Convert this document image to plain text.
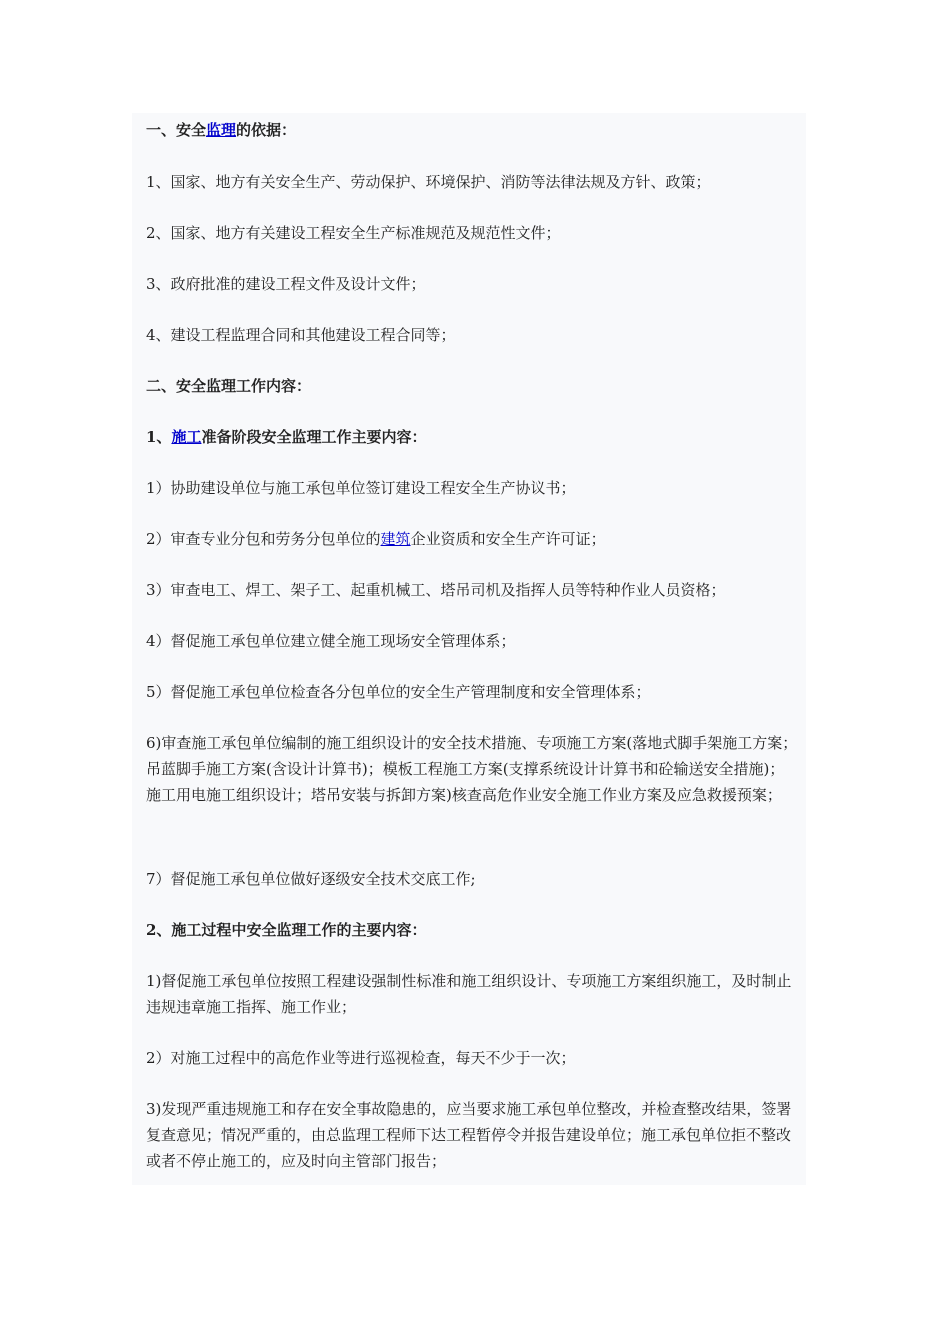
一、安全监理的依据：

1、国家、地方有关安全生产、劳动保护、环境保护、消防等法律法规及方针、政策；

2、国家、地方有关建设工程安全生产标准规范及规范性文件；

3、政府批准的建设工程文件及设计文件；

4、建设工程监理合同和其他建设工程合同等；

二、安全监理工作内容：

1、施工准备阶段安全监理工作主要内容：

1）协助建设单位与施工承包单位签订建设工程安全生产协议书；

2）审查专业分包和劳务分包单位的建筑企业资质和安全生产许可证；

3）审查电工、焊工、架子工、起重机械工、塔吊司机及指挥人员等特种作业人员资格；

4）督促施工承包单位建立健全施工现场安全管理体系；

5）督促施工承包单位检查各分包单位的安全生产管理制度和安全管理体系；

6)审查施工承包单位编制的施工组织设计的安全技术措施、专项施工方案(落地式脚手架施工方案；吊蓝脚手施工方案(含设计计算书)；模板工程施工方案(支撑系统设计计算书和砼输送安全措施)；施工用电施工组织设计；塔吊安装与拆卸方案)核查高危作业安全施工作业方案及应急救援预案；

7）督促施工承包单位做好逐级安全技术交底工作;

2、施工过程中安全监理工作的主要内容：

1)督促施工承包单位按照工程建设强制性标准和施工组织设计、专项施工方案组织施工，及时制止违规违章施工指挥、施工作业；

2）对施工过程中的高危作业等进行巡视检查，每天不少于一次；

3)发现严重违规施工和存在安全事故隐患的，应当要求施工承包单位整改，并检查整改结果，签署复查意见；情况严重的，由总监理工程师下达工程暂停令并报告建设单位；施工承包单位拒不整改或者不停止施工的，应及时向主管部门报告；
